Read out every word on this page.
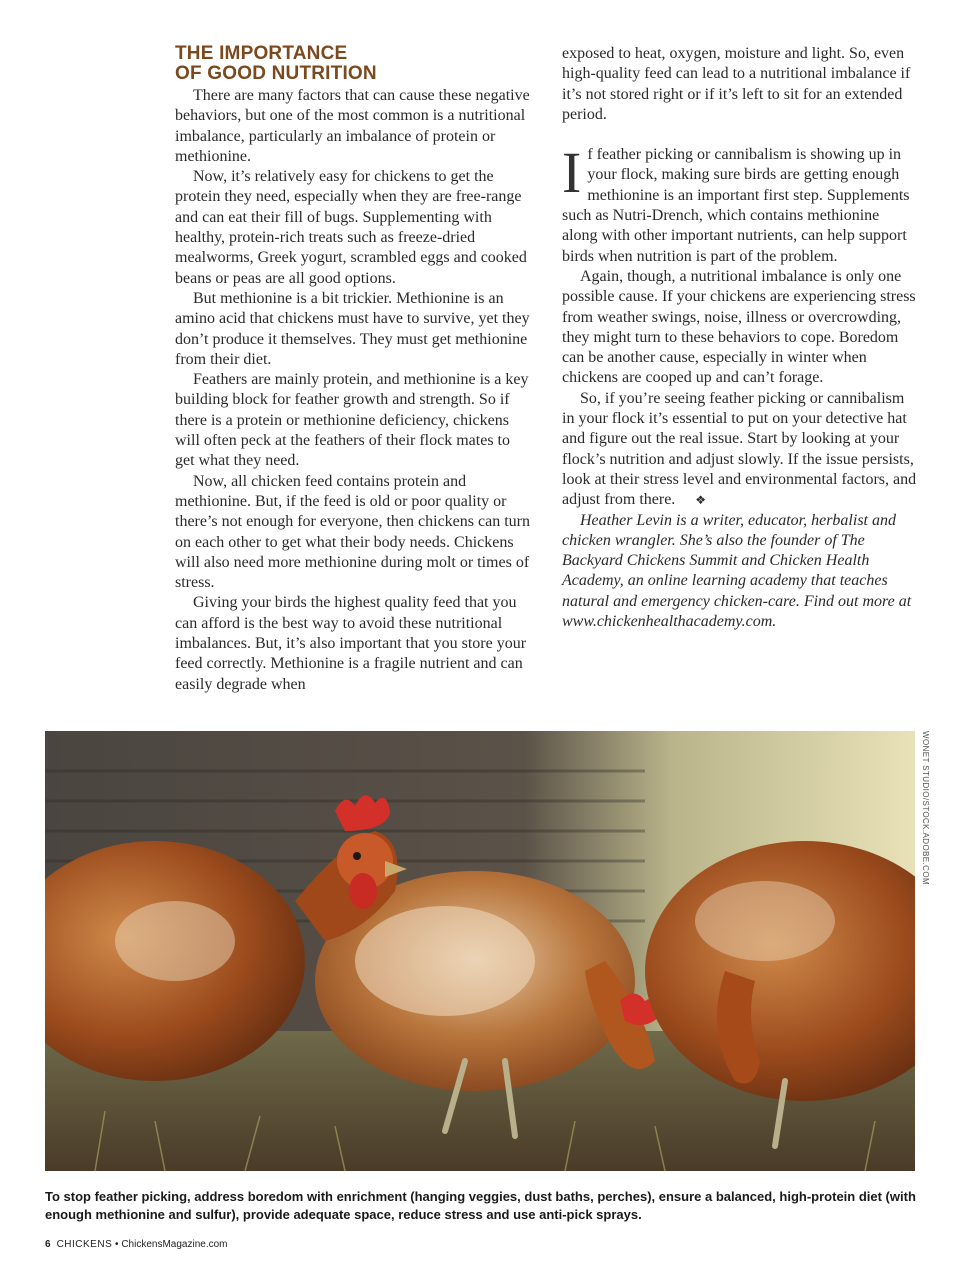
THE IMPORTANCE
OF GOOD NUTRITION

There are many factors that can cause these negative behaviors, but one of the most common is a nutritional imbalance, particularly an imbalance of protein or methionine.

Now, it’s relatively easy for chickens to get the protein they need, especially when they are free-range and can eat their fill of bugs. Supplementing with healthy, protein-rich treats such as freeze-dried mealworms, Greek yogurt, scrambled eggs and cooked beans or peas are all good options.

But methionine is a bit trickier. Methionine is an amino acid that chickens must have to survive, yet they don’t produce it themselves. They must get methionine from their diet.

Feathers are mainly protein, and methionine is a key building block for feather growth and strength. So if there is a protein or methionine deficiency, chickens will often peck at the feathers of their flock mates to get what they need.

Now, all chicken feed contains protein and methionine. But, if the feed is old or poor quality or there’s not enough for everyone, then chickens can turn on each other to get what their body needs. Chickens will also need more methionine during molt or times of stress.

Giving your birds the highest quality feed that you can afford is the best way to avoid these nutritional imbalances. But, it’s also important that you store your feed correctly. Methionine is a fragile nutrient and can easily degrade when

exposed to heat, oxygen, moisture and light. So, even high-quality feed can lead to a nutritional imbalance if it’s not stored right or if it’s left to sit for an extended period.

If feather picking or cannibalism is showing up in your flock, making sure birds are getting enough methionine is an important first step. Supplements such as Nutri-Drench, which contains methionine along with other important nutrients, can help support birds when nutrition is part of the problem.

Again, though, a nutritional imbalance is only one possible cause. If your chickens are experiencing stress from weather swings, noise, illness or overcrowding, they might turn to these behaviors to cope. Boredom can be another cause, especially in winter when chickens are cooped up and can’t forage.

So, if you’re seeing feather picking or cannibalism in your flock it’s essential to put on your detective hat and figure out the real issue. Start by looking at your flock’s nutrition and adjust slowly. If the issue persists, look at their stress level and environmental factors, and adjust from there. ❖

Heather Levin is a writer, educator, herbalist and chicken wrangler. She’s also the founder of The Backyard Chickens Summit and Chicken Health Academy, an online learning academy that teaches natural and emergency chicken-care. Find out more at www.chickenhealthacademy.com.

WONET STUDIO/STOCK.ADOBE.COM
To stop feather picking, address boredom with enrichment (hanging veggies, dust baths, perches), ensure a balanced, high-protein diet (with enough methionine and sulfur), provide adequate space, reduce stress and use anti-pick sprays.
6 CHICKENS • ChickensMagazine.com
